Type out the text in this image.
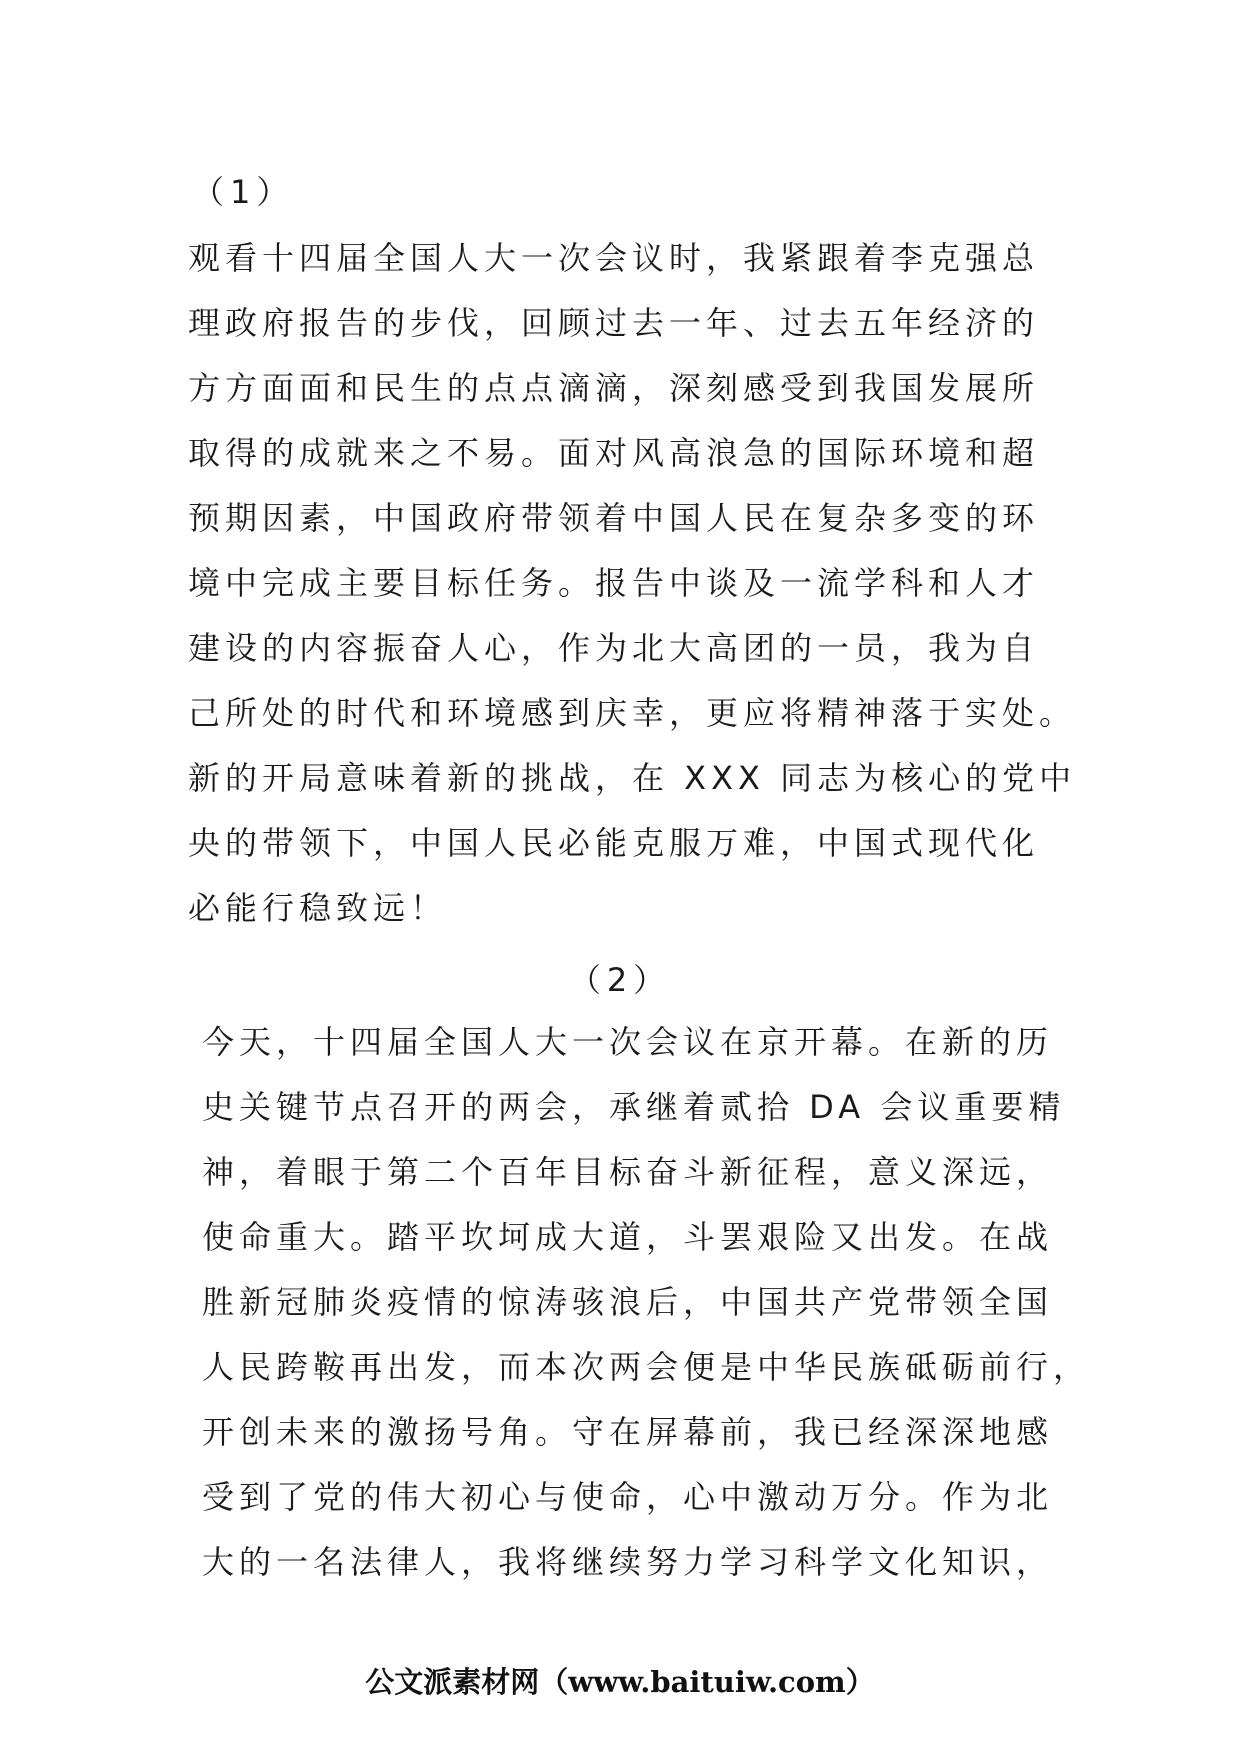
（1）
观看十四届全国人大一次会议时，我紧跟着李克强总
理政府报告的步伐，回顾过去一年、过去五年经济的
方方面面和民生的点点滴滴，深刻感受到我国发展所
取得的成就来之不易。面对风高浪急的国际环境和超
预期因素，中国政府带领着中国人民在复杂多变的环
境中完成主要目标任务。报告中谈及一流学科和人才
建设的内容振奋人心，作为北大高团的一员，我为自
己所处的时代和环境感到庆幸，更应将精神落于实处。
新的开局意味着新的挑战，在 XXX 同志为核心的党中
央的带领下，中国人民必能克服万难，中国式现代化
必能行稳致远！
（2）
今天，十四届全国人大一次会议在京开幕。在新的历
史关键节点召开的两会，承继着贰拾 DA 会议重要精
神，着眼于第二个百年目标奋斗新征程，意义深远，
使命重大。踏平坎坷成大道，斗罢艰险又出发。在战
胜新冠肺炎疫情的惊涛骇浪后，中国共产党带领全国
人民跨鞍再出发，而本次两会便是中华民族砥砺前行，
开创未来的激扬号角。守在屏幕前，我已经深深地感
受到了党的伟大初心与使命，心中激动万分。作为北
大的一名法律人，我将继续努力学习科学文化知识，
公文派素材网（www.baituiw.com）
